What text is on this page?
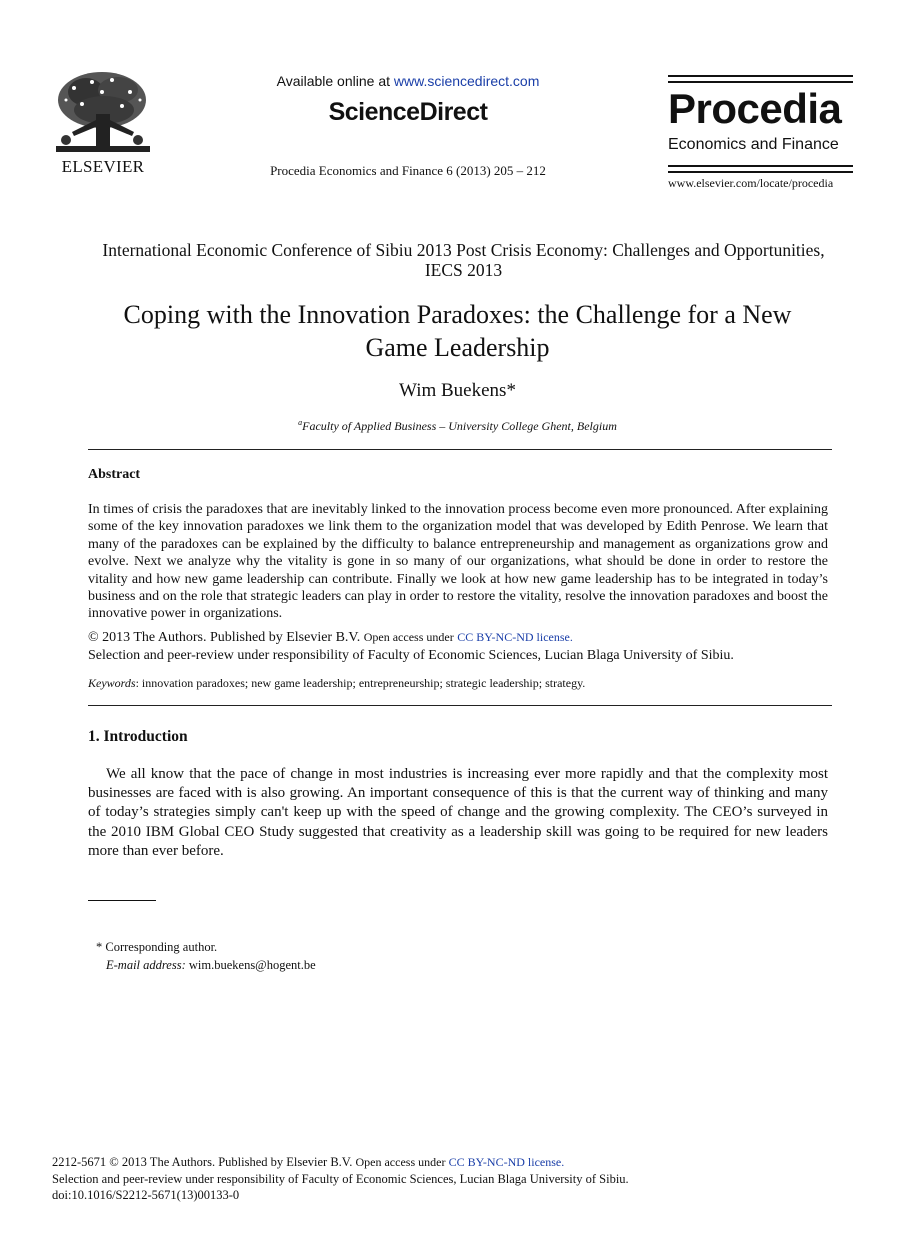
ELSEVIER
Available online at www.sciencedirect.com
ScienceDirect
Procedia Economics and Finance 6 (2013) 205 – 212
Procedia
Economics and Finance
www.elsevier.com/locate/procedia
International Economic Conference of Sibiu 2013 Post Crisis Economy: Challenges and Opportunities, IECS 2013
Coping with the Innovation Paradoxes: the Challenge for a New Game Leadership
Wim Buekens*
$^a$Faculty of Applied Business – University College Ghent, Belgium
Abstract
In times of crisis the paradoxes that are inevitably linked to the innovation process become even more pronounced. After explaining some of the key innovation paradoxes we link them to the organization model that was developed by Edith Penrose. We learn that many of the paradoxes can be explained by the difficulty to balance entrepreneurship and management as organizations grow and evolve. Next we analyze why the vitality is gone in so many of our organizations, what should be done in order to restore the vitality and how new game leadership can contribute. Finally we look at how new game leadership has to be integrated in today’s business and on the role that strategic leaders can play in order to restore the vitality, resolve the innovation paradoxes and boost the innovative power in organizations.
© 2013 The Authors. Published by Elsevier B.V. Open access under CC BY-NC-ND license.
Selection and peer-review under responsibility of Faculty of Economic Sciences, Lucian Blaga University of Sibiu.
Keywords: innovation paradoxes; new game leadership; entrepreneurship; strategic leadership; strategy.
1. Introduction
We all know that the pace of change in most industries is increasing ever more rapidly and that the complexity most businesses are faced with is also growing. An important consequence of this is that the current way of thinking and many of today’s strategies simply can't keep up with the speed of change and the growing complexity. The CEO’s surveyed in the 2010 IBM Global CEO Study suggested that creativity as a leadership skill was going to be required for new leaders more than ever before.
* Corresponding author.
E-mail address: wim.buekens@hogent.be
2212-5671 © 2013 The Authors. Published by Elsevier B.V. Open access under CC BY-NC-ND license.
Selection and peer-review under responsibility of Faculty of Economic Sciences, Lucian Blaga University of Sibiu.
doi:10.1016/S2212-5671(13)00133-0
